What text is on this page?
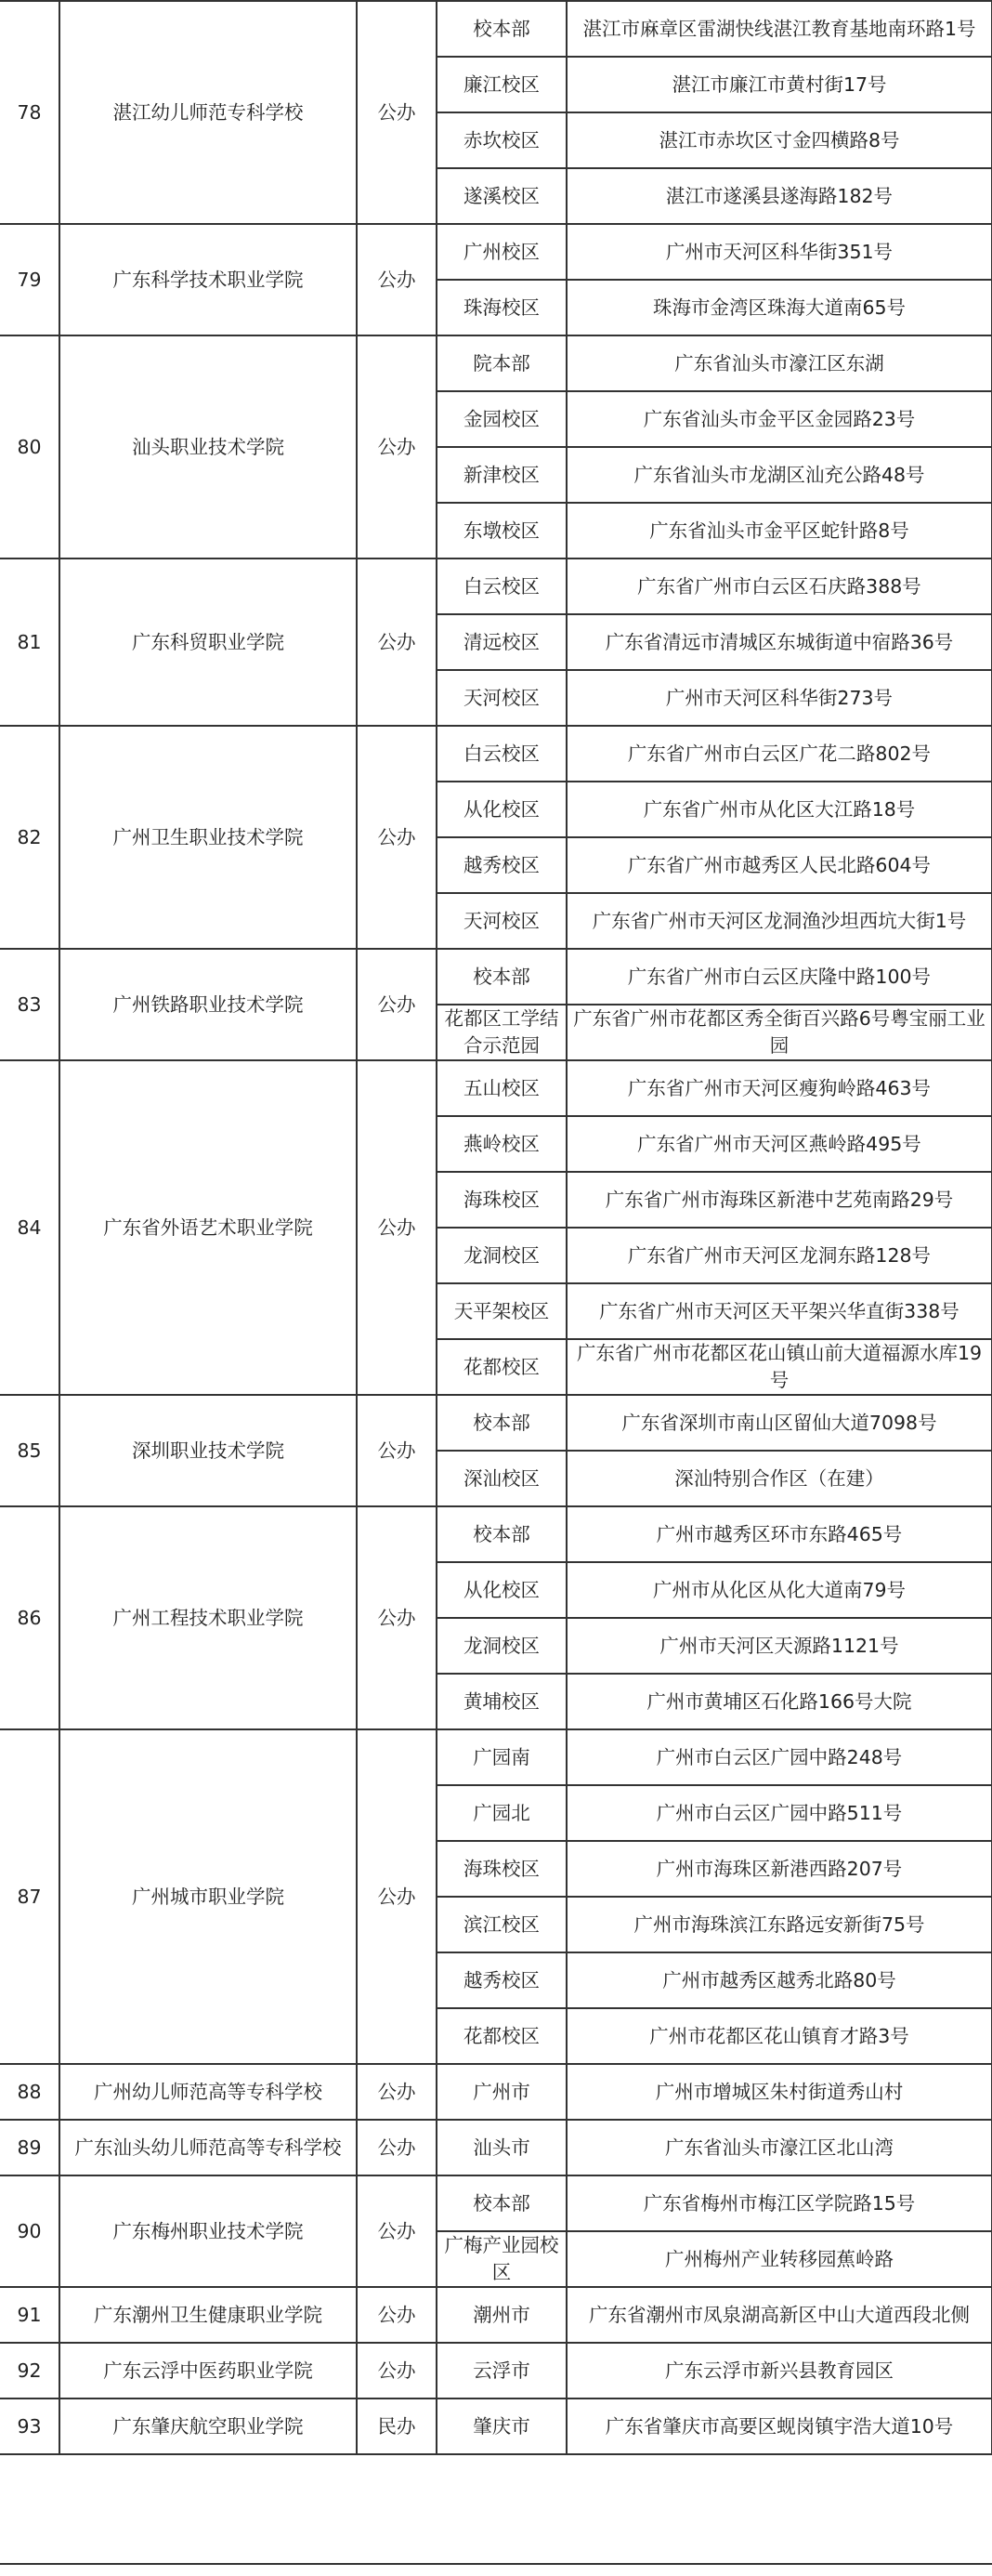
78	湛江幼儿师范专科学校	公办	校本部	湛江市麻章区雷湖快线湛江教育基地南环路1号
			廉江校区	湛江市廉江市黄村街17号
			赤坎校区	湛江市赤坎区寸金四横路8号
			遂溪校区	湛江市遂溪县遂海路182号
79	广东科学技术职业学院	公办	广州校区	广州市天河区科华街351号
			珠海校区	珠海市金湾区珠海大道南65号
80	汕头职业技术学院	公办	院本部	广东省汕头市濠江区东湖
			金园校区	广东省汕头市金平区金园路23号
			新津校区	广东省汕头市龙湖区汕充公路48号
			东墩校区	广东省汕头市金平区蛇针路8号
81	广东科贸职业学院	公办	白云校区	广东省广州市白云区石庆路388号
			清远校区	广东省清远市清城区东城街道中宿路36号
			天河校区	广州市天河区科华街273号
82	广州卫生职业技术学院	公办	白云校区	广东省广州市白云区广花二路802号
			从化校区	广东省广州市从化区大江路18号
			越秀校区	广东省广州市越秀区人民北路604号
			天河校区	广东省广州市天河区龙洞渔沙坦西坑大街1号
83	广州铁路职业技术学院	公办	校本部	广东省广州市白云区庆隆中路100号
			花都区工学结合示范园	广东省广州市花都区秀全街百兴路6号粤宝丽工业园
84	广东省外语艺术职业学院	公办	五山校区	广东省广州市天河区瘦狗岭路463号
			燕岭校区	广东省广州市天河区燕岭路495号
			海珠校区	广东省广州市海珠区新港中艺苑南路29号
			龙洞校区	广东省广州市天河区龙洞东路128号
			天平架校区	广东省广州市天河区天平架兴华直街338号
			花都校区	广东省广州市花都区花山镇山前大道福源水库19号
85	深圳职业技术学院	公办	校本部	广东省深圳市南山区留仙大道7098号
			深汕校区	深汕特别合作区（在建）
86	广州工程技术职业学院	公办	校本部	广州市越秀区环市东路465号
			从化校区	广州市从化区从化大道南79号
			龙洞校区	广州市天河区天源路1121号
			黄埔校区	广州市黄埔区石化路166号大院
87	广州城市职业学院	公办	广园南	广州市白云区广园中路248号
			广园北	广州市白云区广园中路511号
			海珠校区	广州市海珠区新港西路207号
			滨江校区	广州市海珠滨江东路远安新街75号
			越秀校区	广州市越秀区越秀北路80号
			花都校区	广州市花都区花山镇育才路3号
88	广州幼儿师范高等专科学校	公办	广州市	广州市增城区朱村街道秀山村
89	广东汕头幼儿师范高等专科学校	公办	汕头市	广东省汕头市濠江区北山湾
90	广东梅州职业技术学院	公办	校本部	广东省梅州市梅江区学院路15号
			广梅产业园校区	广州梅州产业转移园蕉岭路
91	广东潮州卫生健康职业学院	公办	潮州市	广东省潮州市凤泉湖高新区中山大道西段北侧
92	广东云浮中医药职业学院	公办	云浮市	广东云浮市新兴县教育园区
93	广东肇庆航空职业学院	民办	肇庆市	广东省肇庆市高要区蚬岗镇宇浩大道10号
